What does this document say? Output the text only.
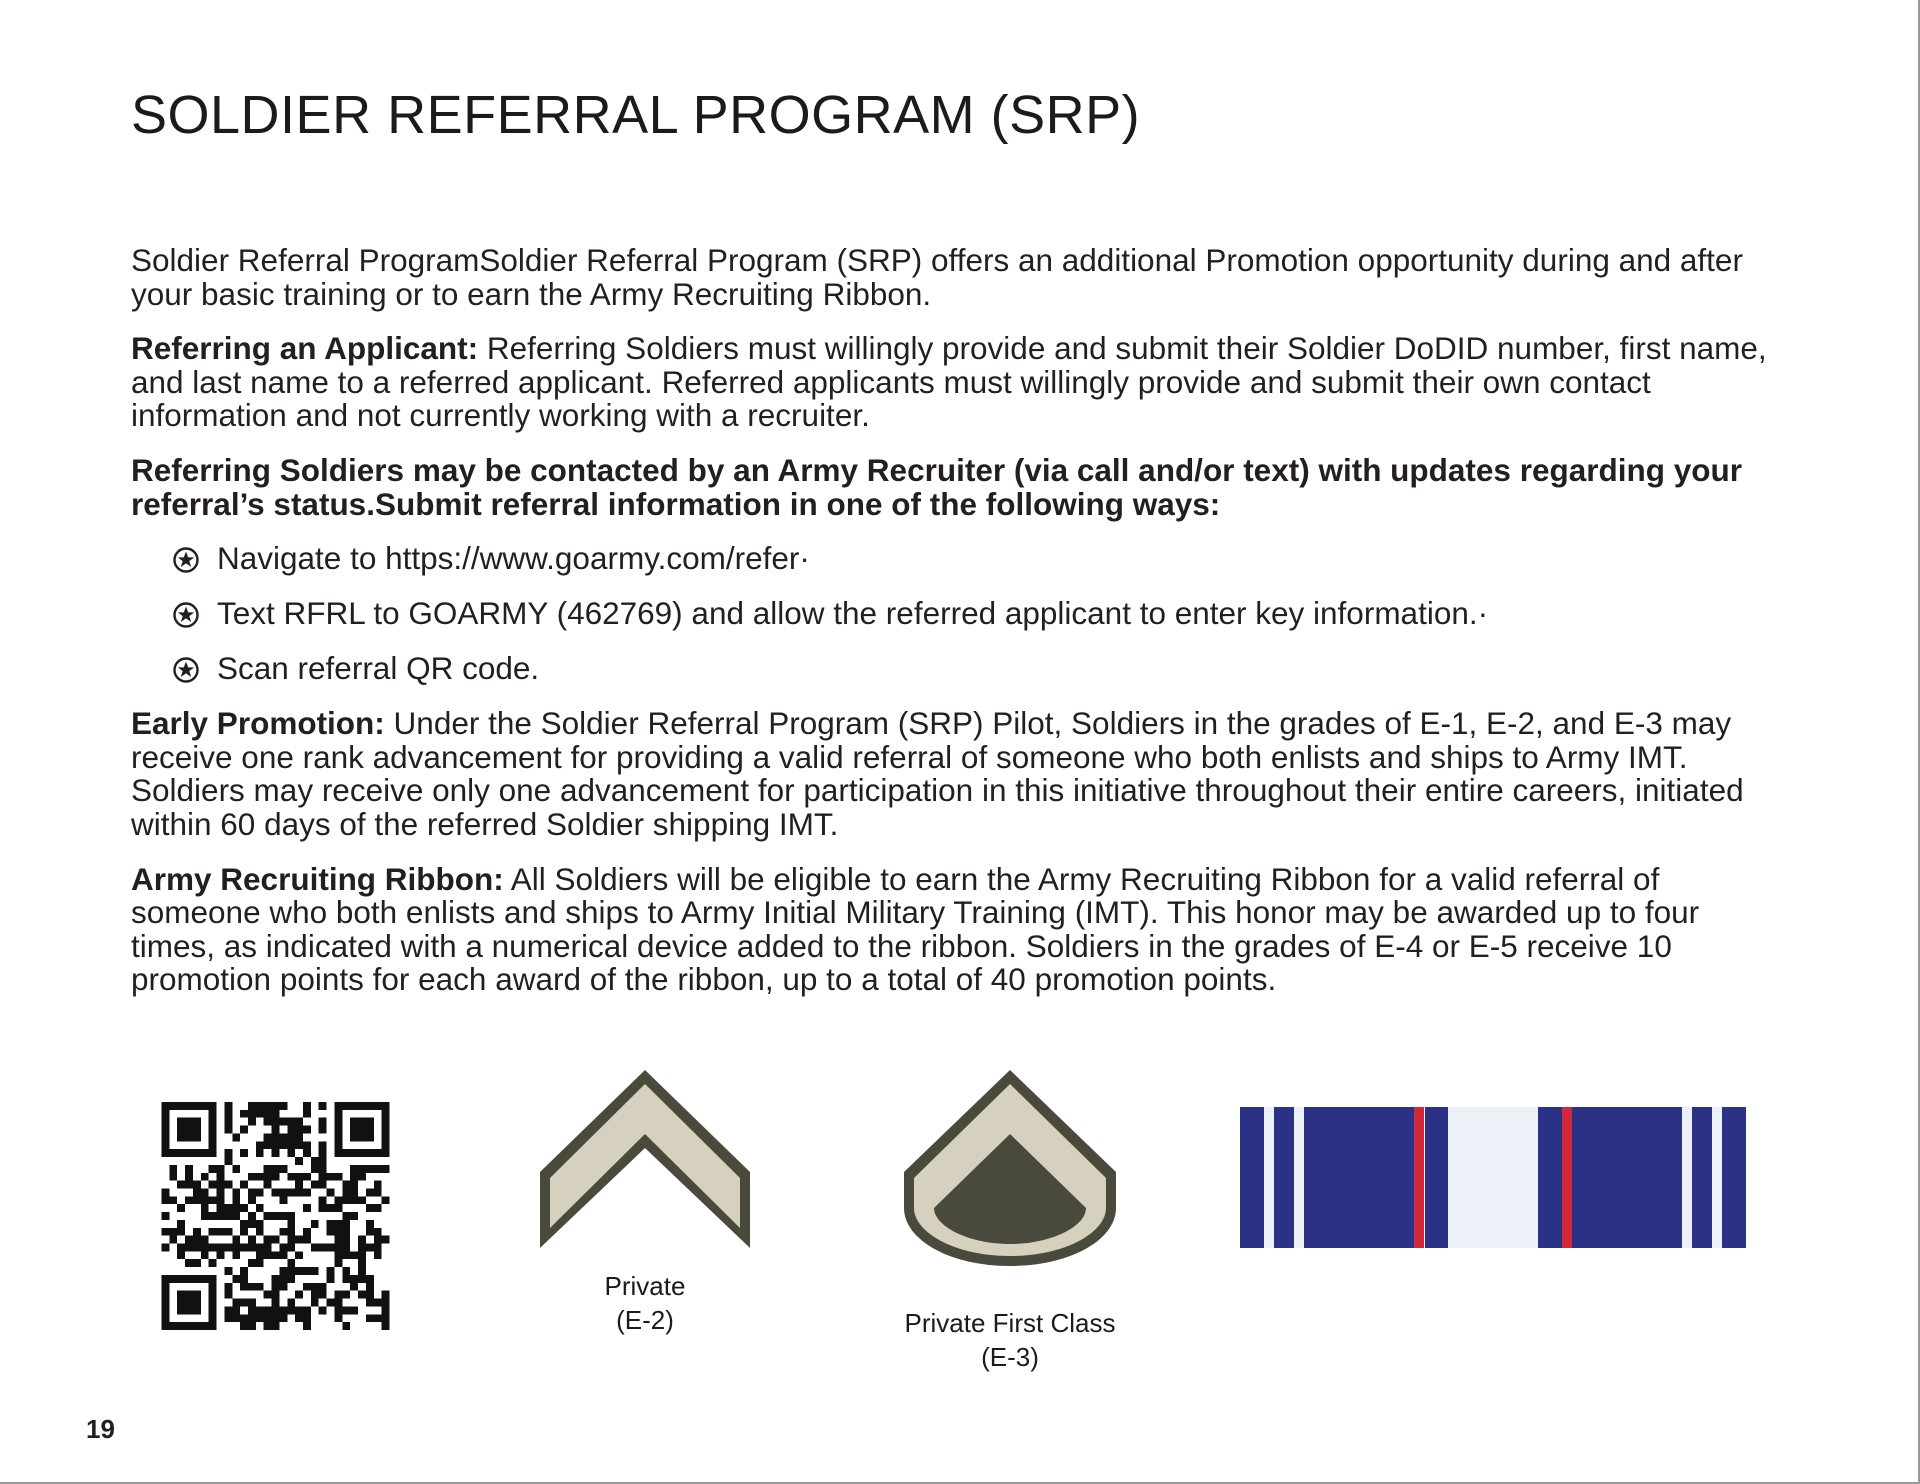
SOLDIER REFERRAL PROGRAM (SRP)

Soldier Referral ProgramSoldier Referral Program (SRP) offers an additional Promotion opportunity during and after your basic training or to earn the Army Recruiting Ribbon.

Referring an Applicant: Referring Soldiers must willingly provide and submit their Soldier DoDID number, first name, and last name to a referred applicant. Referred applicants must willingly provide and submit their own contact information and not currently working with a recruiter.

Referring Soldiers may be contacted by an Army Recruiter (via call and/or text) with updates regarding your referral’s status.Submit referral information in one of the following ways:

Navigate to https://www.goarmy.com/refer·
Text RFRL to GOARMY (462769) and allow the referred applicant to enter key information.·
Scan referral QR code.

Early Promotion: Under the Soldier Referral Program (SRP) Pilot, Soldiers in the grades of E-1, E-2, and E-3 may receive one rank advancement for providing a valid referral of someone who both enlists and ships to Army IMT. Soldiers may receive only one advancement for participation in this initiative throughout their entire careers, initiated within 60 days of the referred Soldier shipping IMT.

Army Recruiting Ribbon: All Soldiers will be eligible to earn the Army Recruiting Ribbon for a valid referral of someone who both enlists and ships to Army Initial Military Training (IMT). This honor may be awarded up to four times, as indicated with a numerical device added to the ribbon. Soldiers in the grades of E-4 or E-5 receive 10 promotion points for each award of the ribbon, up to a total of 40 promotion points.

Private
(E-2)	Private First Class
(E-3)
19
